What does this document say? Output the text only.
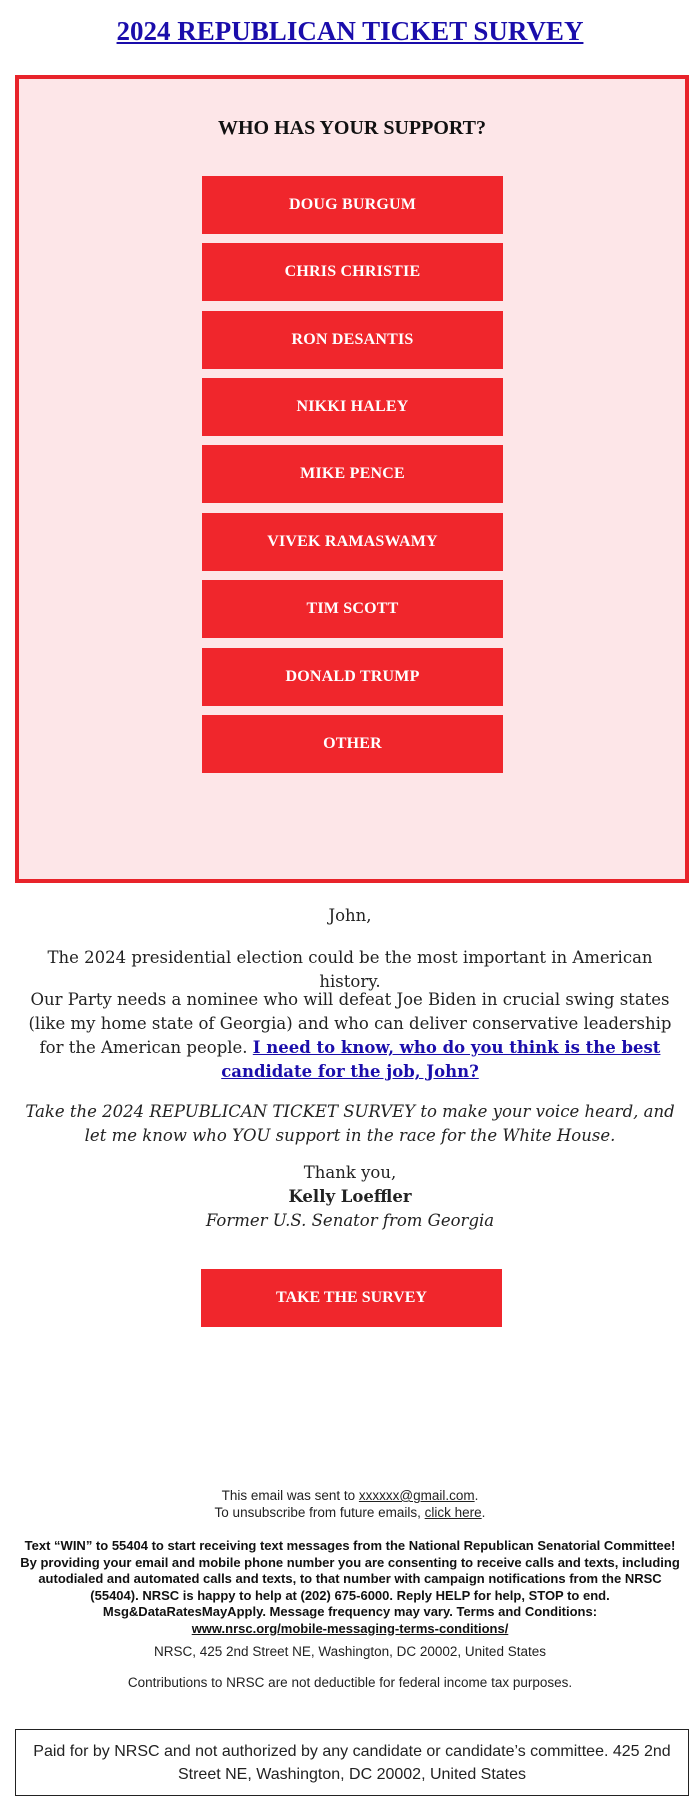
2024 REPUBLICAN TICKET SURVEY
WHO HAS YOUR SUPPORT?
DOUG BURGUM
CHRIS CHRISTIE
RON DESANTIS
NIKKI HALEY
MIKE PENCE
VIVEK RAMASWAMY
TIM SCOTT
DONALD TRUMP
OTHER
John,
The 2024 presidential election could be the most important in American history.
Our Party needs a nominee who will defeat Joe Biden in crucial swing states (like my home state of Georgia) and who can deliver conservative leadership for the American people. I need to know, who do you think is the best candidate for the job, John?
Take the 2024 REPUBLICAN TICKET SURVEY to make your voice heard, and let me know who YOU support in the race for the White House.
Thank you,
Kelly Loeffler
Former U.S. Senator from Georgia
TAKE THE SURVEY
This email was sent to xxxxxx@gmail.com.
To unsubscribe from future emails, click here.
Text “WIN” to 55404 to start receiving text messages from the National Republican Senatorial Committee! By providing your email and mobile phone number you are consenting to receive calls and texts, including autodialed and automated calls and texts, to that number with campaign notifications from the NRSC (55404). NRSC is happy to help at (202) 675-6000. Reply HELP for help, STOP to end. Msg&DataRatesMayApply. Message frequency may vary. Terms and Conditions:
www.nrsc.org/mobile-messaging-terms-conditions/
NRSC, 425 2nd Street NE, Washington, DC 20002, United States
Contributions to NRSC are not deductible for federal income tax purposes.
Paid for by NRSC and not authorized by any candidate or candidate’s committee. 425 2nd Street NE, Washington, DC 20002, United States
